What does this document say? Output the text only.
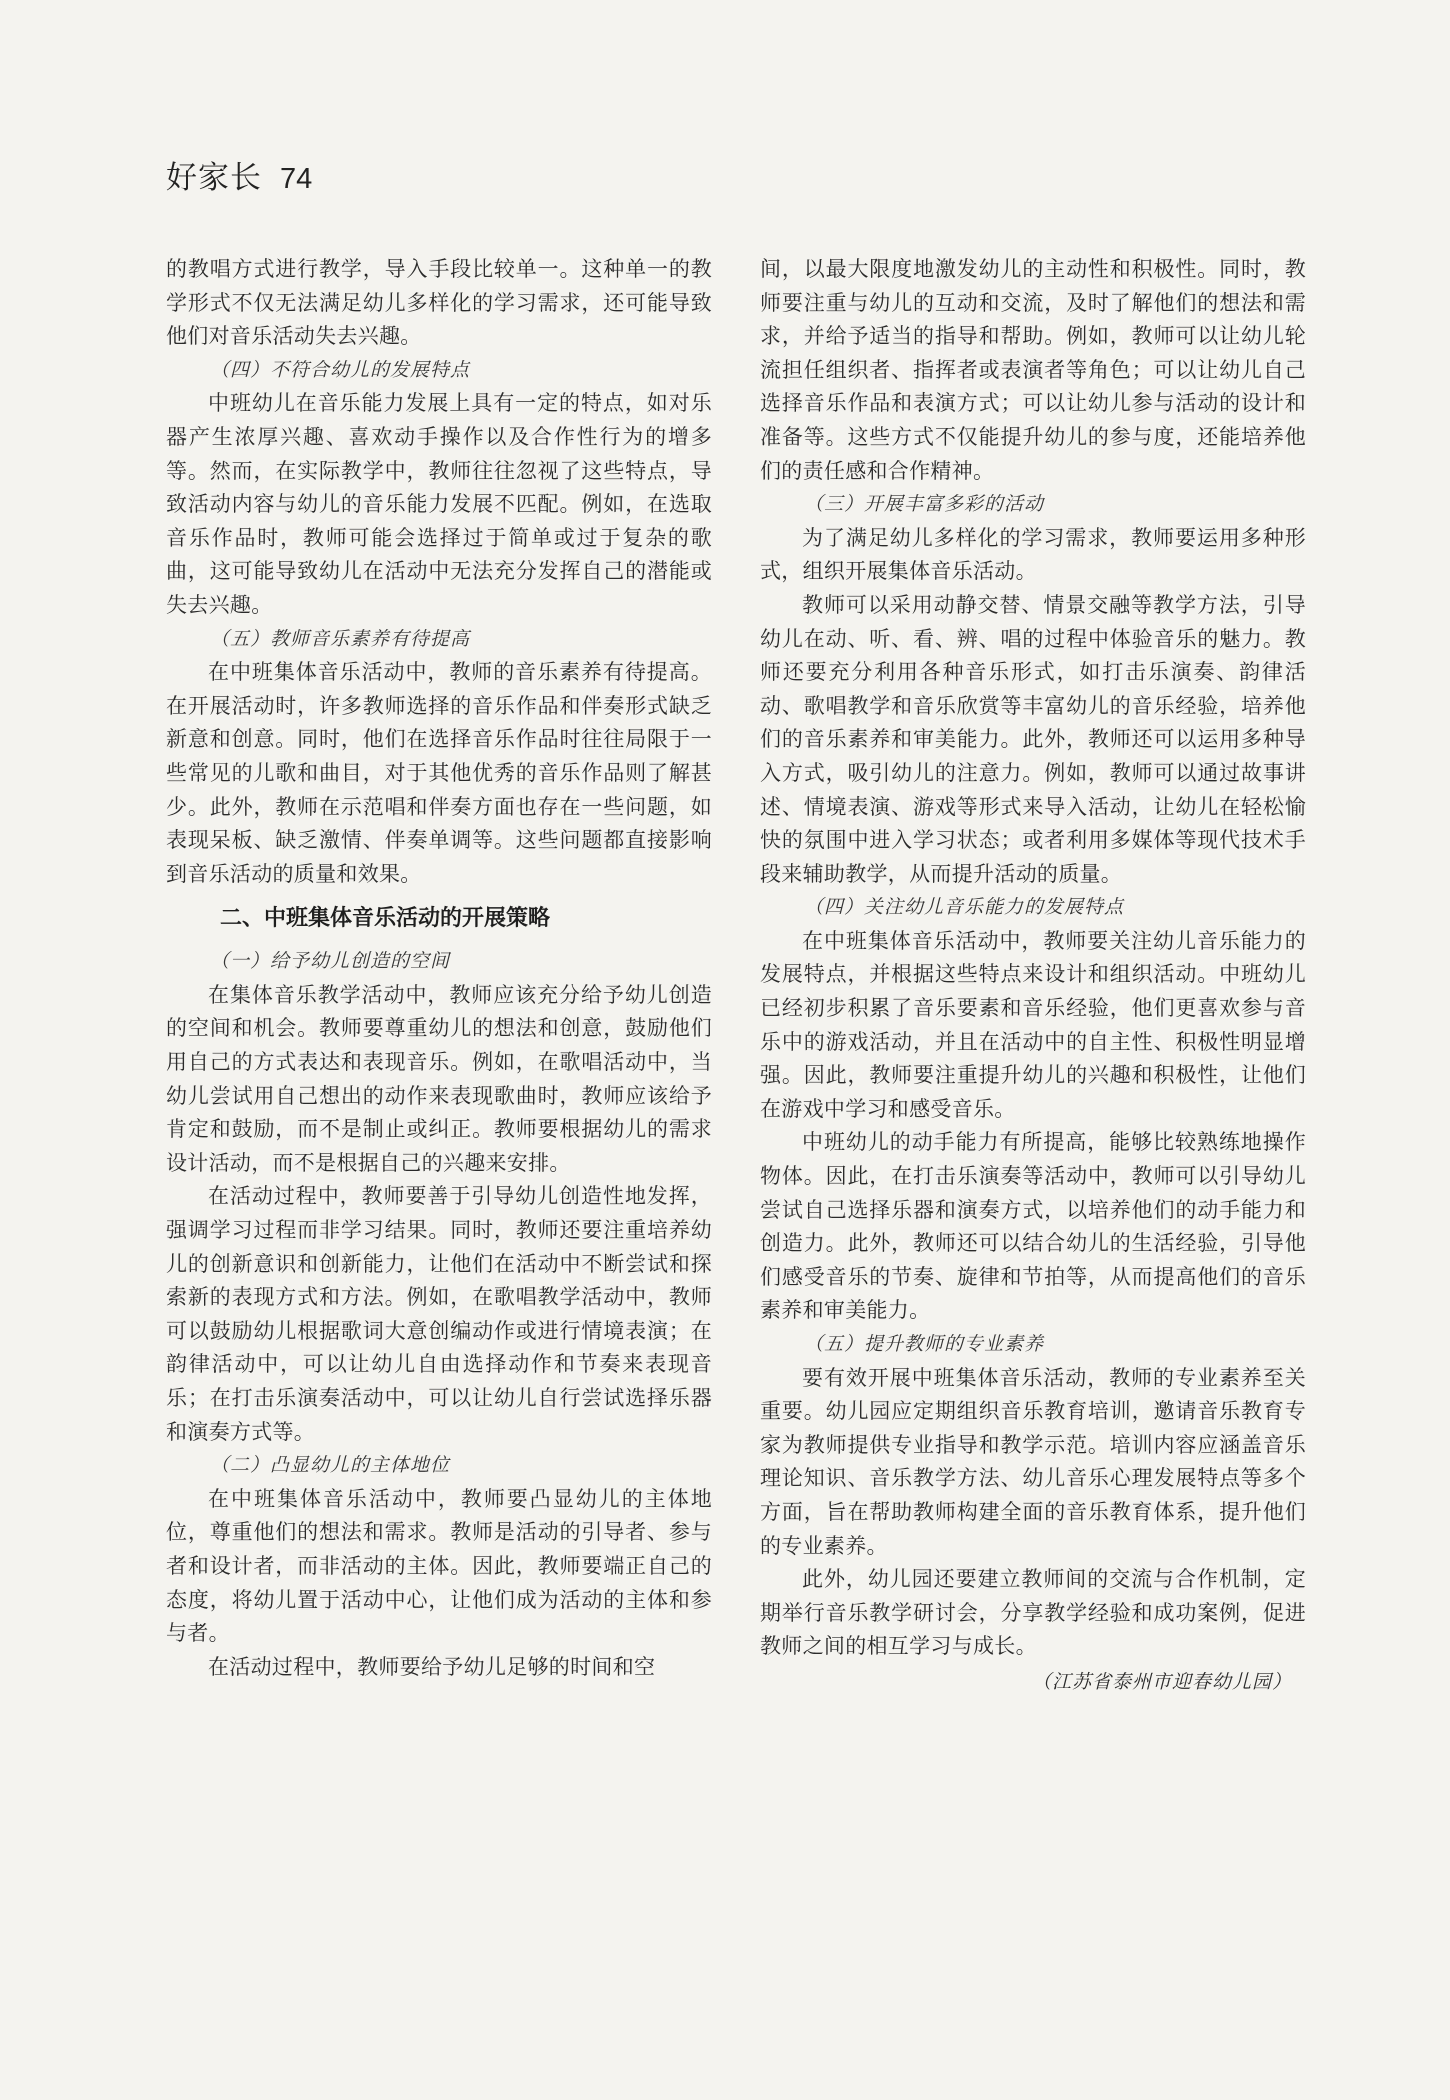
好家长 74

的教唱方式进行教学，导入手段比较单一。这种单一的教学形式不仅无法满足幼儿多样化的学习需求，还可能导致他们对音乐活动失去兴趣。

（四）不符合幼儿的发展特点

中班幼儿在音乐能力发展上具有一定的特点，如对乐器产生浓厚兴趣、喜欢动手操作以及合作性行为的增多等。然而，在实际教学中，教师往往忽视了这些特点，导致活动内容与幼儿的音乐能力发展不匹配。例如，在选取音乐作品时，教师可能会选择过于简单或过于复杂的歌曲，这可能导致幼儿在活动中无法充分发挥自己的潜能或失去兴趣。

（五）教师音乐素养有待提高

在中班集体音乐活动中，教师的音乐素养有待提高。在开展活动时，许多教师选择的音乐作品和伴奏形式缺乏新意和创意。同时，他们在选择音乐作品时往往局限于一些常见的儿歌和曲目，对于其他优秀的音乐作品则了解甚少。此外，教师在示范唱和伴奏方面也存在一些问题，如表现呆板、缺乏激情、伴奏单调等。这些问题都直接影响到音乐活动的质量和效果。

二、中班集体音乐活动的开展策略
（一）给予幼儿创造的空间

在集体音乐教学活动中，教师应该充分给予幼儿创造的空间和机会。教师要尊重幼儿的想法和创意，鼓励他们用自己的方式表达和表现音乐。例如，在歌唱活动中，当幼儿尝试用自己想出的动作来表现歌曲时，教师应该给予肯定和鼓励，而不是制止或纠正。教师要根据幼儿的需求设计活动，而不是根据自己的兴趣来安排。

在活动过程中，教师要善于引导幼儿创造性地发挥，强调学习过程而非学习结果。同时，教师还要注重培养幼儿的创新意识和创新能力，让他们在活动中不断尝试和探索新的表现方式和方法。例如，在歌唱教学活动中，教师可以鼓励幼儿根据歌词大意创编动作或进行情境表演；在韵律活动中，可以让幼儿自由选择动作和节奏来表现音乐；在打击乐演奏活动中，可以让幼儿自行尝试选择乐器和演奏方式等。

（二）凸显幼儿的主体地位

在中班集体音乐活动中，教师要凸显幼儿的主体地位，尊重他们的想法和需求。教师是活动的引导者、参与者和设计者，而非活动的主体。因此，教师要端正自己的态度，将幼儿置于活动中心，让他们成为活动的主体和参与者。

在活动过程中，教师要给予幼儿足够的时间和空

间，以最大限度地激发幼儿的主动性和积极性。同时，教师要注重与幼儿的互动和交流，及时了解他们的想法和需求，并给予适当的指导和帮助。例如，教师可以让幼儿轮流担任组织者、指挥者或表演者等角色；可以让幼儿自己选择音乐作品和表演方式；可以让幼儿参与活动的设计和准备等。这些方式不仅能提升幼儿的参与度，还能培养他们的责任感和合作精神。

（三）开展丰富多彩的活动

为了满足幼儿多样化的学习需求，教师要运用多种形式，组织开展集体音乐活动。

教师可以采用动静交替、情景交融等教学方法，引导幼儿在动、听、看、辨、唱的过程中体验音乐的魅力。教师还要充分利用各种音乐形式，如打击乐演奏、韵律活动、歌唱教学和音乐欣赏等丰富幼儿的音乐经验，培养他们的音乐素养和审美能力。此外，教师还可以运用多种导入方式，吸引幼儿的注意力。例如，教师可以通过故事讲述、情境表演、游戏等形式来导入活动，让幼儿在轻松愉快的氛围中进入学习状态；或者利用多媒体等现代技术手段来辅助教学，从而提升活动的质量。

（四）关注幼儿音乐能力的发展特点

在中班集体音乐活动中，教师要关注幼儿音乐能力的发展特点，并根据这些特点来设计和组织活动。中班幼儿已经初步积累了音乐要素和音乐经验，他们更喜欢参与音乐中的游戏活动，并且在活动中的自主性、积极性明显增强。因此，教师要注重提升幼儿的兴趣和积极性，让他们在游戏中学习和感受音乐。

中班幼儿的动手能力有所提高，能够比较熟练地操作物体。因此，在打击乐演奏等活动中，教师可以引导幼儿尝试自己选择乐器和演奏方式，以培养他们的动手能力和创造力。此外，教师还可以结合幼儿的生活经验，引导他们感受音乐的节奏、旋律和节拍等，从而提高他们的音乐素养和审美能力。

（五）提升教师的专业素养

要有效开展中班集体音乐活动，教师的专业素养至关重要。幼儿园应定期组织音乐教育培训，邀请音乐教育专家为教师提供专业指导和教学示范。培训内容应涵盖音乐理论知识、音乐教学方法、幼儿音乐心理发展特点等多个方面，旨在帮助教师构建全面的音乐教育体系，提升他们的专业素养。

此外，幼儿园还要建立教师间的交流与合作机制，定期举行音乐教学研讨会，分享教学经验和成功案例，促进教师之间的相互学习与成长。

（江苏省泰州市迎春幼儿园）
